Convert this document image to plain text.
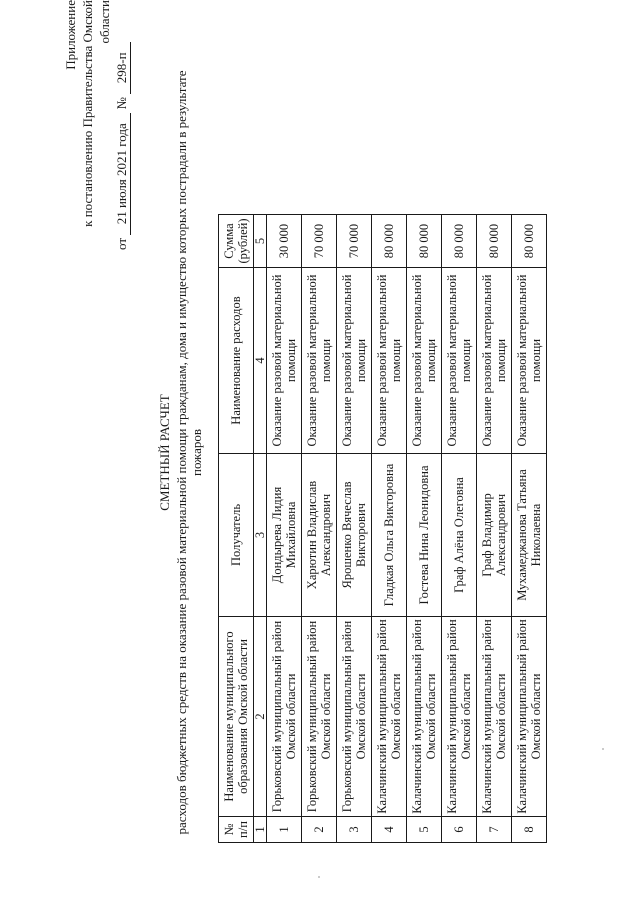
Приложение к постановлению Правительства Омской области
от 21 июля 2021 года № 298-п
СМЕТНЫЙ РАСЧЕТ расходов бюджетных средств на оказание разовой материальной помощи гражданам, дома и имущество которых пострадали в результате пожаров
№ п/п	Наименование муниципального образования Омской области	Получатель	Наименование расходов	Сумма (рублей)
1	2	3	4	5
1	Горьковский муниципальный район Омской области	Дондырева Лидия Михайловна	Оказание разовой материальной помощи	30 000
2	Горьковский муниципальный район Омской области	Харютин Владислав Александрович	Оказание разовой материальной помощи	70 000
3	Горьковский муниципальный район Омской области	Ярошенко Вячеслав Викторович	Оказание разовой материальной помощи	70 000
4	Калачинский муниципальный район Омской области	Гладкая Ольга Викторовна	Оказание разовой материальной помощи	80 000
5	Калачинский муниципальный район Омской области	Гостева Нина Леонидовна	Оказание разовой материальной помощи	80 000
6	Калачинский муниципальный район Омской области	Граф Алёна Олеговна	Оказание разовой материальной помощи	80 000
7	Калачинский муниципальный район Омской области	Граф Владимир Александрович	Оказание разовой материальной помощи	80 000
8	Калачинский муниципальный район Омской области	Мухамеджанова Татьяна Николаевна	Оказание разовой материальной помощи	80 000
